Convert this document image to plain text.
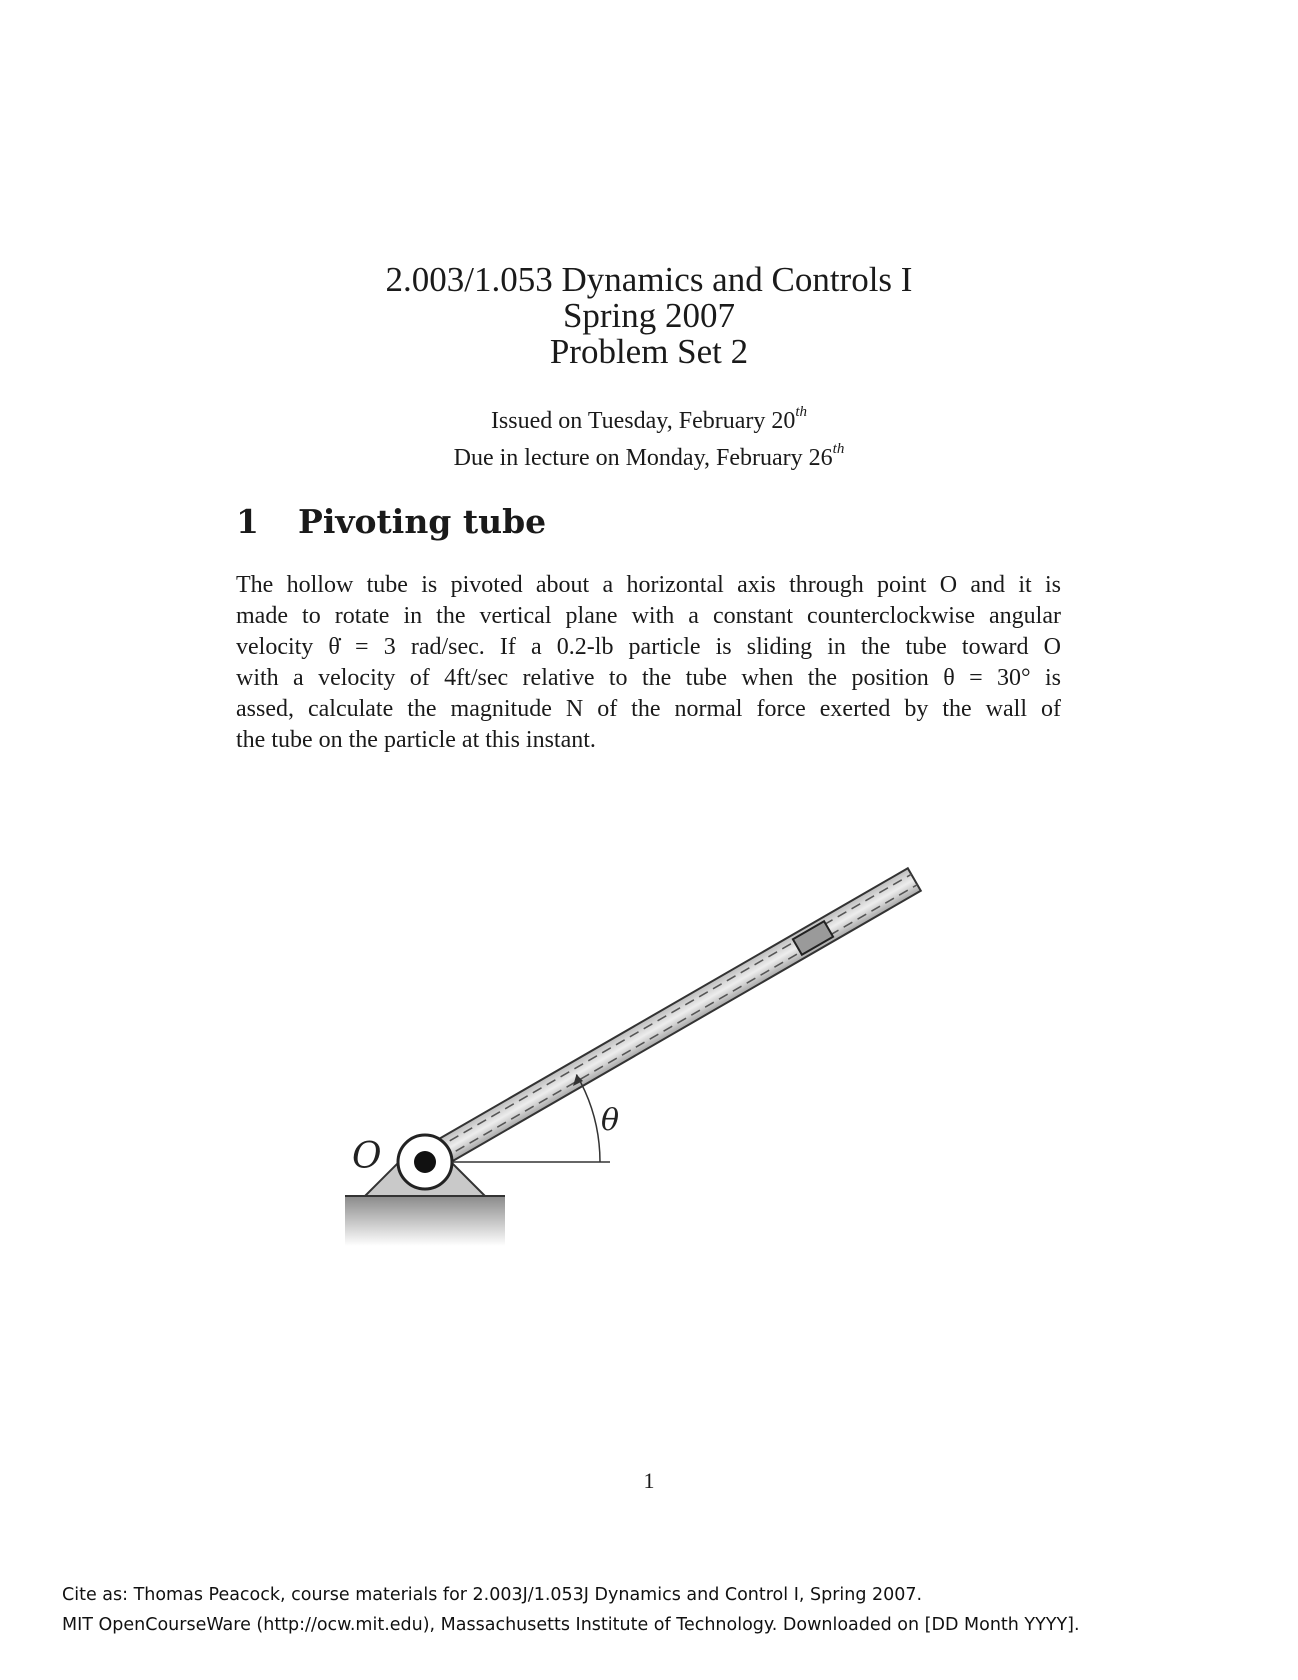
2.003/1.053 Dynamics and Controls I
Spring 2007
Problem Set 2
Issued on Tuesday, February 20th
Due in lecture on Monday, February 26th
1 Pivoting tube
The hollow tube is pivoted about a horizontal axis through point O and it is
made to rotate in the vertical plane with a constant counterclockwise angular
velocity θ̇ = 3 rad/sec. If a 0.2-lb particle is sliding in the tube toward O
with a velocity of 4ft/sec relative to the tube when the position θ = 30° is
assed, calculate the magnitude N of the normal force exerted by the wall of
the tube on the particle at this instant.
O
θ
1
Cite as: Thomas Peacock, course materials for 2.003J/1.053J Dynamics and Control I, Spring 2007.
MIT OpenCourseWare (http://ocw.mit.edu), Massachusetts Institute of Technology. Downloaded on [DD Month YYYY].
